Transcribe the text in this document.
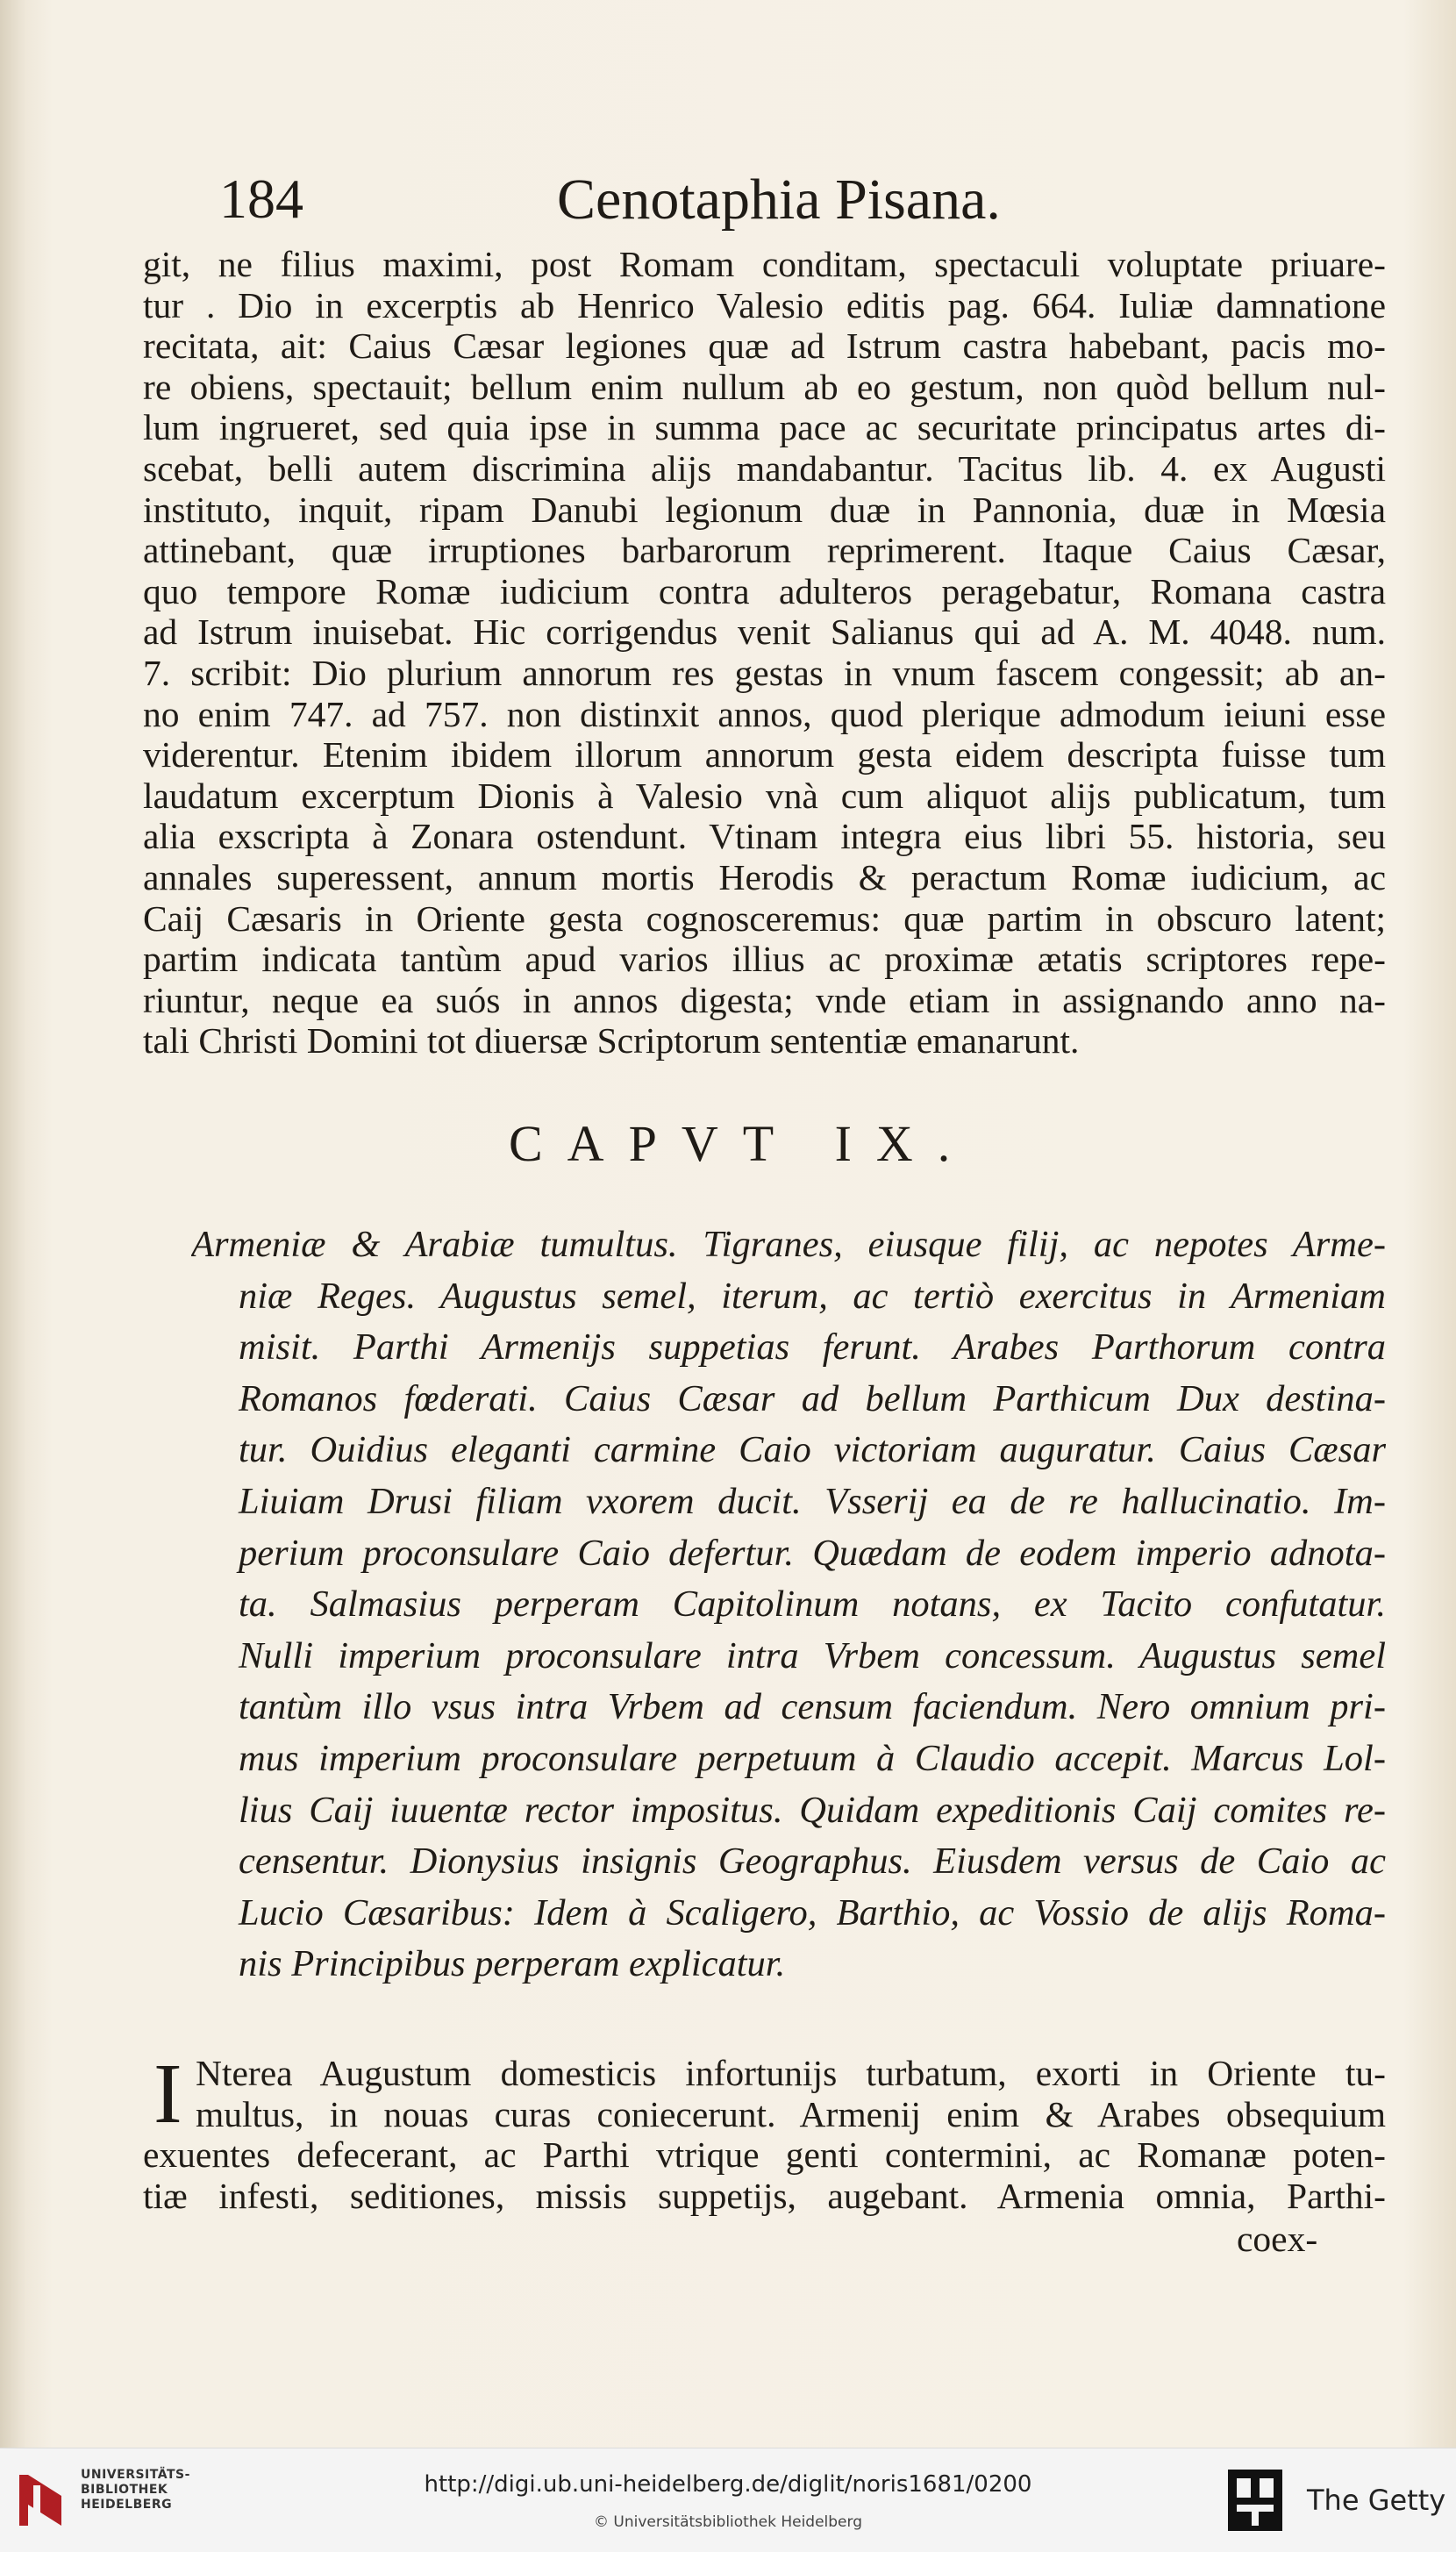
184	Cenotaphia Pisana.
git, ne filius maximi, post Romam conditam, spectaculi voluptate priuare-
tur . Dio in excerptis ab Henrico Valesio editis pag. 664. Iuliæ damnatione
recitata, ait: Caius Cæsar legiones quæ ad Istrum castra habebant, pacis mo-
re obiens, spectauit; bellum enim nullum ab eo gestum, non quòd bellum nul-
lum ingrueret, sed quia ipse in summa pace ac securitate principatus artes di-
scebat, belli autem discrimina alijs mandabantur. Tacitus lib. 4. ex Augusti
instituto, inquit, ripam Danubi legionum duæ in Pannonia, duæ in Mœsia
attinebant, quæ irruptiones barbarorum reprimerent. Itaque Caius Cæsar,
quo tempore Romæ iudicium contra adulteros peragebatur, Romana castra
ad Istrum inuisebat. Hic corrigendus venit Salianus qui ad A. M. 4048. num.
7. scribit: Dio plurium annorum res gestas in vnum fascem congessit; ab an-
no enim 747. ad 757. non distinxit annos, quod plerique admodum ieiuni esse
viderentur. Etenim ibidem illorum annorum gesta eidem descripta fuisse tum
laudatum excerptum Dionis à Valesio vnà cum aliquot alijs publicatum, tum
alia exscripta à Zonara ostendunt. Vtinam integra eius libri 55. historia, seu
annales superessent, annum mortis Herodis & peractum Romæ iudicium, ac
Caij Cæsaris in Oriente gesta cognosceremus: quæ partim in obscuro latent;
partim indicata tantùm apud varios illius ac proximæ ætatis scriptores repe-
riuntur, neque ea suós in annos digesta; vnde etiam in assignando anno na-
tali Christi Domini tot diuersæ Scriptorum sententiæ emanarunt.
CAPVT IX.
Armeniæ & Arabiæ tumultus. Tigranes, eiusque filij, ac nepotes Arme-
niæ Reges. Augustus semel, iterum, ac tertiò exercitus in Armeniam
misit. Parthi Armenijs suppetias ferunt. Arabes Parthorum contra
Romanos fœderati. Caius Cæsar ad bellum Parthicum Dux destina-
tur. Ouidius eleganti carmine Caio victoriam auguratur. Caius Cæsar
Liuiam Drusi filiam vxorem ducit. Vsserij ea de re hallucinatio. Im-
perium proconsulare Caio defertur. Quædam de eodem imperio adnota-
ta. Salmasius perperam Capitolinum notans, ex Tacito confutatur.
Nulli imperium proconsulare intra Vrbem concessum. Augustus semel
tantùm illo vsus intra Vrbem ad censum faciendum. Nero omnium pri-
mus imperium proconsulare perpetuum à Claudio accepit. Marcus Lol-
lius Caij iuuentæ rector impositus. Quidam expeditionis Caij comites re-
censentur. Dionysius insignis Geographus. Eiusdem versus de Caio ac
Lucio Cæsaribus: Idem à Scaligero, Barthio, ac Vossio de alijs Roma-
nis Principibus perperam explicatur.
I Nterea Augustum domesticis infortunijs turbatum, exorti in Oriente tu-
multus, in nouas curas coniecerunt. Armenij enim & Arabes obsequium
exuentes defecerant, ac Parthi vtrique genti contermini, ac Romanæ poten-
tiæ infesti, seditiones, missis suppetijs, augebant. Armenia omnia, Parthi-
coex-
UNIVERSITÄTS-
BIBLIOTHEK
HEIDELBERG
http://digi.ub.uni-heidelberg.de/diglit/noris1681/0200
© Universitätsbibliothek Heidelberg
The Getty
